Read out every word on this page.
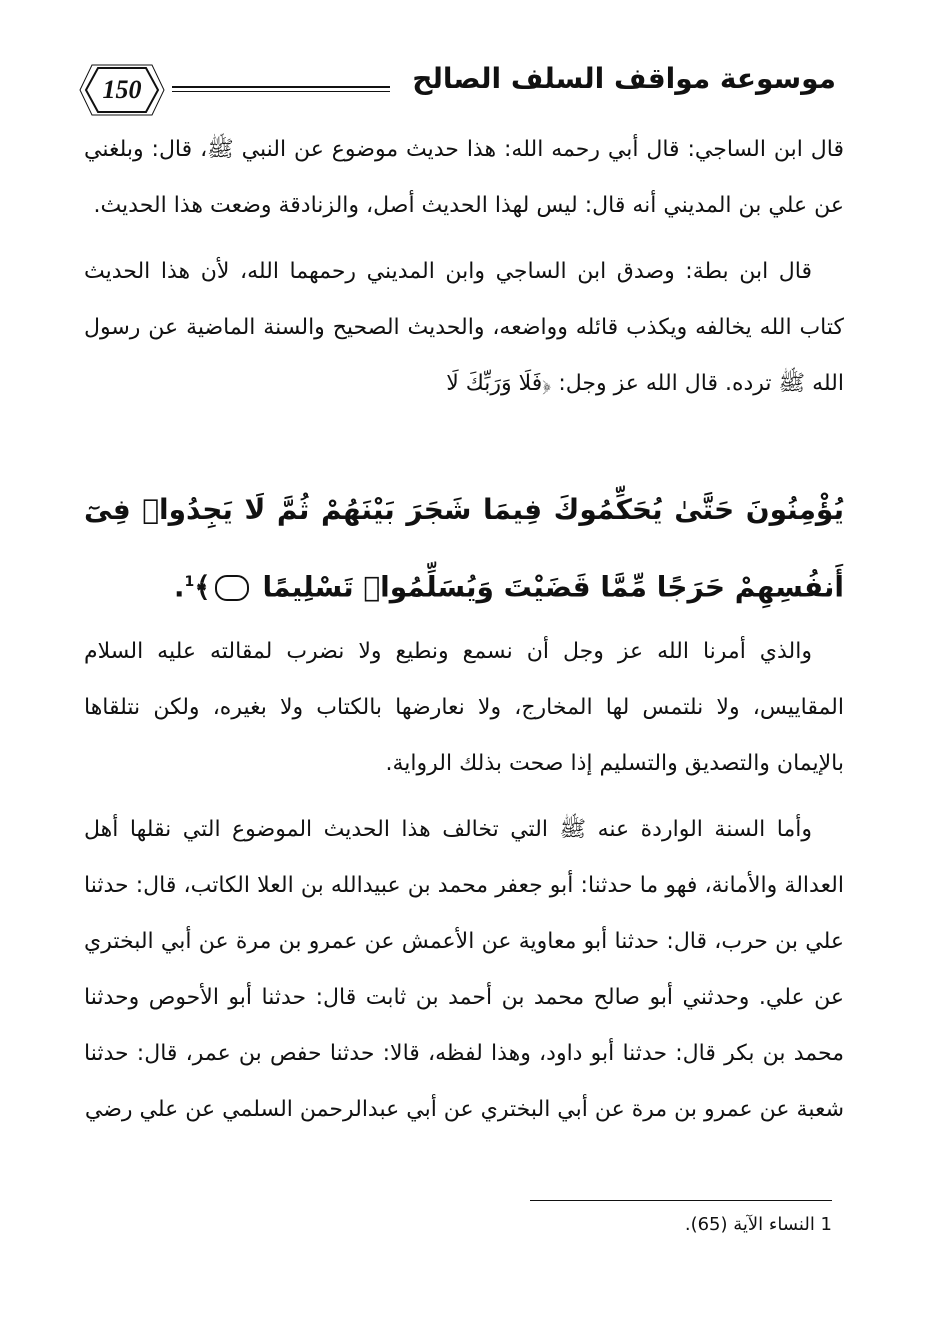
150	موسوعة مواقف السلف الصالح

قال ابن الساجي: قال أبي رحمه الله: هذا حديث موضوع عن النبي ﷺ، قال: وبلغني عن علي بن المديني أنه قال: ليس لهذا الحديث أصل، والزنادقة وضعت هذا الحديث.

قال ابن بطة: وصدق ابن الساجي وابن المديني رحمهما الله، لأن هذا الحديث كتاب الله يخالفه ويكذب قائله وواضعه، والحديث الصحيح والسنة الماضية عن رسول الله ﷺ ترده. قال الله عز وجل: ﴿فَلَا وَرَبِّكَ لَا

يُؤْمِنُونَ حَتَّىٰ يُحَكِّمُوكَ فِيمَا شَجَرَ بَيْنَهُمْ ثُمَّ لَا يَجِدُوا۟ فِىٓ أَنفُسِهِمْ حَرَجًا مِّمَّا قَضَيْتَ وَيُسَلِّمُوا۟ تَسْلِيمًا ﴾$^1$.

والذي أمرنا الله عز وجل أن نسمع ونطيع ولا نضرب لمقالته عليه السلام المقاييس، ولا نلتمس لها المخارج، ولا نعارضها بالكتاب ولا بغيره، ولكن نتلقاها بالإيمان والتصديق والتسليم إذا صحت بذلك الرواية.

وأما السنة الواردة عنه ﷺ التي تخالف هذا الحديث الموضوع التي نقلها أهل العدالة والأمانة، فهو ما حدثنا: أبو جعفر محمد بن عبيدالله بن العلا الكاتب، قال: حدثنا علي بن حرب، قال: حدثنا أبو معاوية عن الأعمش عن عمرو بن مرة عن أبي البختري عن علي. وحدثني أبو صالح محمد بن أحمد بن ثابت قال: حدثنا أبو الأحوص وحدثنا محمد بن بكر قال: حدثنا أبو داود، وهذا لفظه، قالا: حدثنا حفص بن عمر، قال: حدثنا شعبة عن عمرو بن مرة عن أبي البختري عن أبي عبدالرحمن السلمي عن علي رضي

1 النساء الآية (65).
